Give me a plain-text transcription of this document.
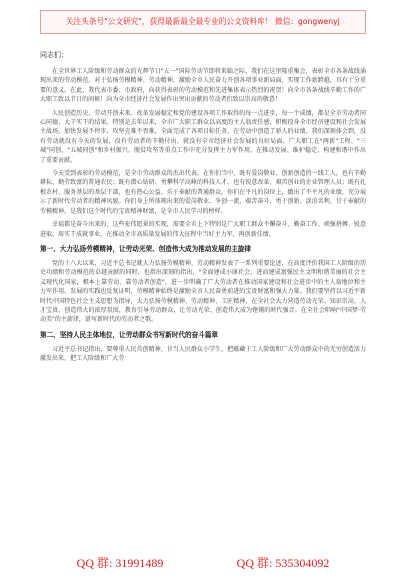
关注头条号"公文研究"，获得最新最全最专业的公文资料库！ 微信：gongwenyj

同志们：

在全世界工人阶级和劳动群众的光辉节日"五一"国际劳动节即将来临之际，我们在这里隆重集会，表彰全市各条战线涌现出来的劳动模范，对于弘扬劳模精神、劳动精神，激励全市人民奋力开创各项事业新局面，实现工作新跨越，具有十分重要的意义。在此，我代表市委、市政府，向获得表彰的劳动模范和先进集体表示热烈的祝贺！向全市各条战线辛勤工作的广大职工致以节日的问候！向为全市经济社会发展作出突出贡献的劳动者们致以崇高的敬意！

人民创造历史，劳动开创未来。改革发展稳定和党的建设各项工作取得的每一点进步，每一个成绩，都是全市劳动者同心同德、大干实干的结果。特别是去年以来，全市广大职工群众以高度的主人翁责任感，积极投身全市经济建设和社会发展主战场，加快发展不停步，攻坚克难不畏难，全面完成了各项目标任务，在劳动中创造了骄人的业绩。我们深刻体会到，没有劳动就没有今天的发展，没有劳动者的辛勤付出，就没有全市经济社会发展的良好局面。广大职工在"两新"工程、"三城"同创、"五城同创"和乡村振兴、脱贫攻坚等重点工作中充分发挥主力军作用，在推动发展、维护稳定、构建和谐中作出了重要贡献。

今天受到表彰的劳动模范，是全市劳动群众的杰出代表。在你们当中，既有爱岗敬业、创新创造的一线工人，也有辛勤耕耘、勤劳致富的普通农民；既有潜心钻研、勇攀科学高峰的科技人才，也有锐意改革、艰苦创业的企业管理人员；既有扎根农村、服务基层的基层干部，也有热心公益、乐于奉献的普通群众。你们在平凡的岗位上，做出了不平凡的业绩，充分展示了新时代劳动者的精神风貌。你们身上所体现出来的爱岗敬业、争创一流、艰苦奋斗、勇于创新、淡泊名利、甘于奉献的劳模精神，是我们这个时代的宝贵精神财富，是全市人民学习的榜样。

幸福都是奋斗出来的，这些宏伟愿景的实现，需要全市上下特别是广大职工群众不懈奋斗、勤奋工作、顽强拼搏、锐意进取，用实干成就事业，在推动全市高质量发展的伟大征程中当好主力军，再创新佳绩。

第一、大力弘扬劳模精神，让劳动光荣、创造伟大成为推动发展的主旋律

党的十八大以来，习近平总书记就大力弘扬劳模精神、劳动精神发表了一系列重要论述，在高度评价我国工人阶级的历史功绩和劳动模范的卓越贡献的同时，也指出深刻的指出，"全面建成小康社会，进而建成富强民主文明和谐美丽的社会主义现代化国家，根本上靠劳动、靠劳动者创造"，进一步明确了广大劳动者在推动国家建设和社会进步中的主人翁地位和主力军作用。发展的实践也反复证明，劳模精神始终是激励全市人民奋勇前进的宝贵财富和强大力量。我们要坚持以习近平新时代中国特色社会主义思想为指导，大力弘扬劳模精神、劳动精神、工匠精神，在全社会大力营造劳动光荣、知识崇高、人才宝贵、创造伟大的浓厚氛围，教育引导劳动群众，让劳动光荣、创造伟大成为铿锵的时代强音。在全社会唱响"中国梦·劳动美"的主旋律，谱写新时代的劳动者之歌。

第二、坚持人民主体地位，让劳动群众书写新时代的奋斗篇章

习近平总书记指出，要尊重人民首创精神，甘当人民群众小学生，把蕴藏于工人阶级和广大劳动群众中的无穷创造活力激发出来，把工人阶级和广大劳

QQ 群: 31991489	QQ 群: 535304092
